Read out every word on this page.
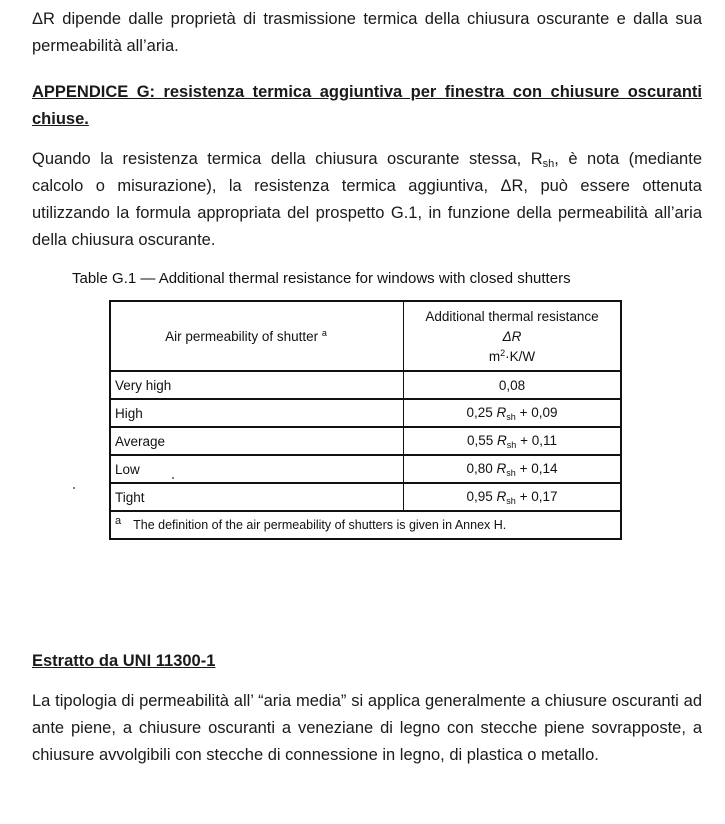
ΔR dipende dalle proprietà di trasmissione termica della chiusura oscurante e dalla sua permeabilità all’aria.

APPENDICE G: resistenza termica aggiuntiva per finestra con chiusure oscuranti chiuse.

Quando la resistenza termica della chiusura oscurante stessa, $R_{sh}$, è nota (mediante calcolo o misurazione), la resistenza termica aggiuntiva, ΔR, può essere ottenuta utilizzando la formula appropriata del prospetto G.1, in funzione della permeabilità all’aria della chiusura oscurante.

Table G.1 — Additional thermal resistance for windows with closed shutters
Air permeability of shutter $^a$	Additional thermal resistance
ΔR
$m^2\cdot K/W$

Very high	0,08
High	0,25 $R_{sh} + 0,09$
Average	0,55 $R_{sh} + 0,11$
Low	0,80 $R_{sh} + 0,14$
Tight	0,95 $R_{sh} + 0,17$
a The definition of the air permeability of shutters is given in Annex H.	

Estratto da UNI 11300-1

La tipologia di permeabilità all’ “aria media” si applica generalmente a chiusure oscuranti ad ante piene, a chiusure oscuranti a veneziane di legno con stecche piene sovrapposte, a chiusure avvolgibili con stecche di connessione in legno, di plastica o metallo.
